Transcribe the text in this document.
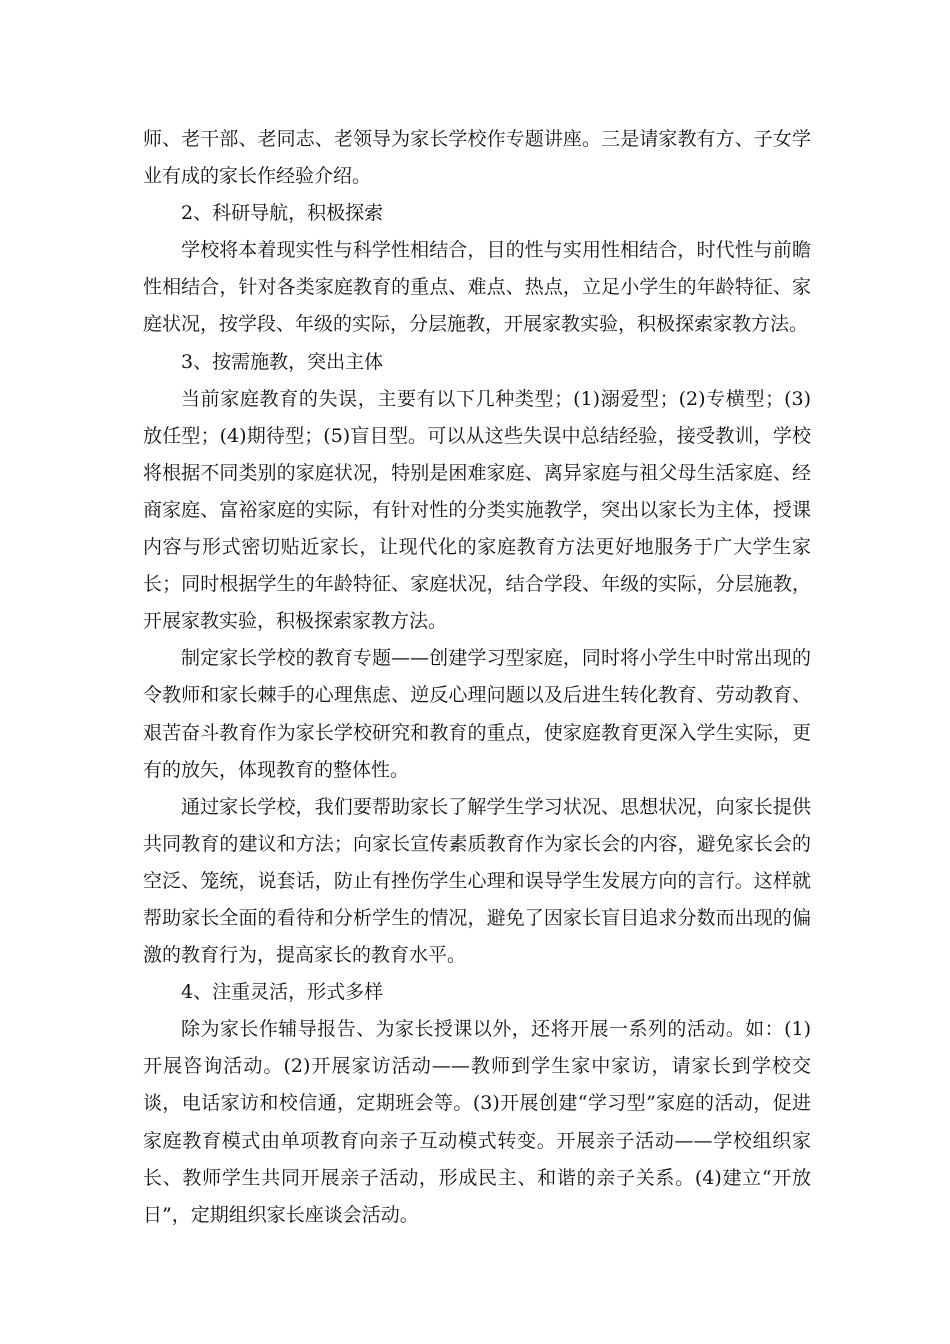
师、老干部、老同志、老领导为家长学校作专题讲座。三是请家教有方、子女学业有成的家长作经验介绍。

2、科研导航，积极探索

学校将本着现实性与科学性相结合，目的性与实用性相结合，时代性与前瞻性相结合，针对各类家庭教育的重点、难点、热点，立足小学生的年龄特征、家庭状况，按学段、年级的实际，分层施教，开展家教实验，积极探索家教方法。

3、按需施教，突出主体

当前家庭教育的失误，主要有以下几种类型；(1)溺爱型；(2)专横型；(3)放任型；(4)期待型；(5)盲目型。可以从这些失误中总结经验，接受教训，学校将根据不同类别的家庭状况，特别是困难家庭、离异家庭与祖父母生活家庭、经商家庭、富裕家庭的实际，有针对性的分类实施教学，突出以家长为主体，授课内容与形式密切贴近家长，让现代化的家庭教育方法更好地服务于广大学生家长；同时根据学生的年龄特征、家庭状况，结合学段、年级的实际，分层施教，开展家教实验，积极探索家教方法。

制定家长学校的教育专题——创建学习型家庭，同时将小学生中时常出现的令教师和家长棘手的心理焦虑、逆反心理问题以及后进生转化教育、劳动教育、艰苦奋斗教育作为家长学校研究和教育的重点，使家庭教育更深入学生实际，更有的放矢，体现教育的整体性。

通过家长学校，我们要帮助家长了解学生学习状况、思想状况，向家长提供共同教育的建议和方法；向家长宣传素质教育作为家长会的内容，避免家长会的空泛、笼统，说套话，防止有挫伤学生心理和误导学生发展方向的言行。这样就帮助家长全面的看待和分析学生的情况，避免了因家长盲目追求分数而出现的偏激的教育行为，提高家长的教育水平。

4、注重灵活，形式多样

除为家长作辅导报告、为家长授课以外，还将开展一系列的活动。如：(1)开展咨询活动。(2)开展家访活动——教师到学生家中家访，请家长到学校交谈，电话家访和校信通，定期班会等。(3)开展创建“学习型”家庭的活动，促进家庭教育模式由单项教育向亲子互动模式转变。开展亲子活动——学校组织家长、教师学生共同开展亲子活动，形成民主、和谐的亲子关系。(4)建立“开放日”，定期组织家长座谈会活动。
